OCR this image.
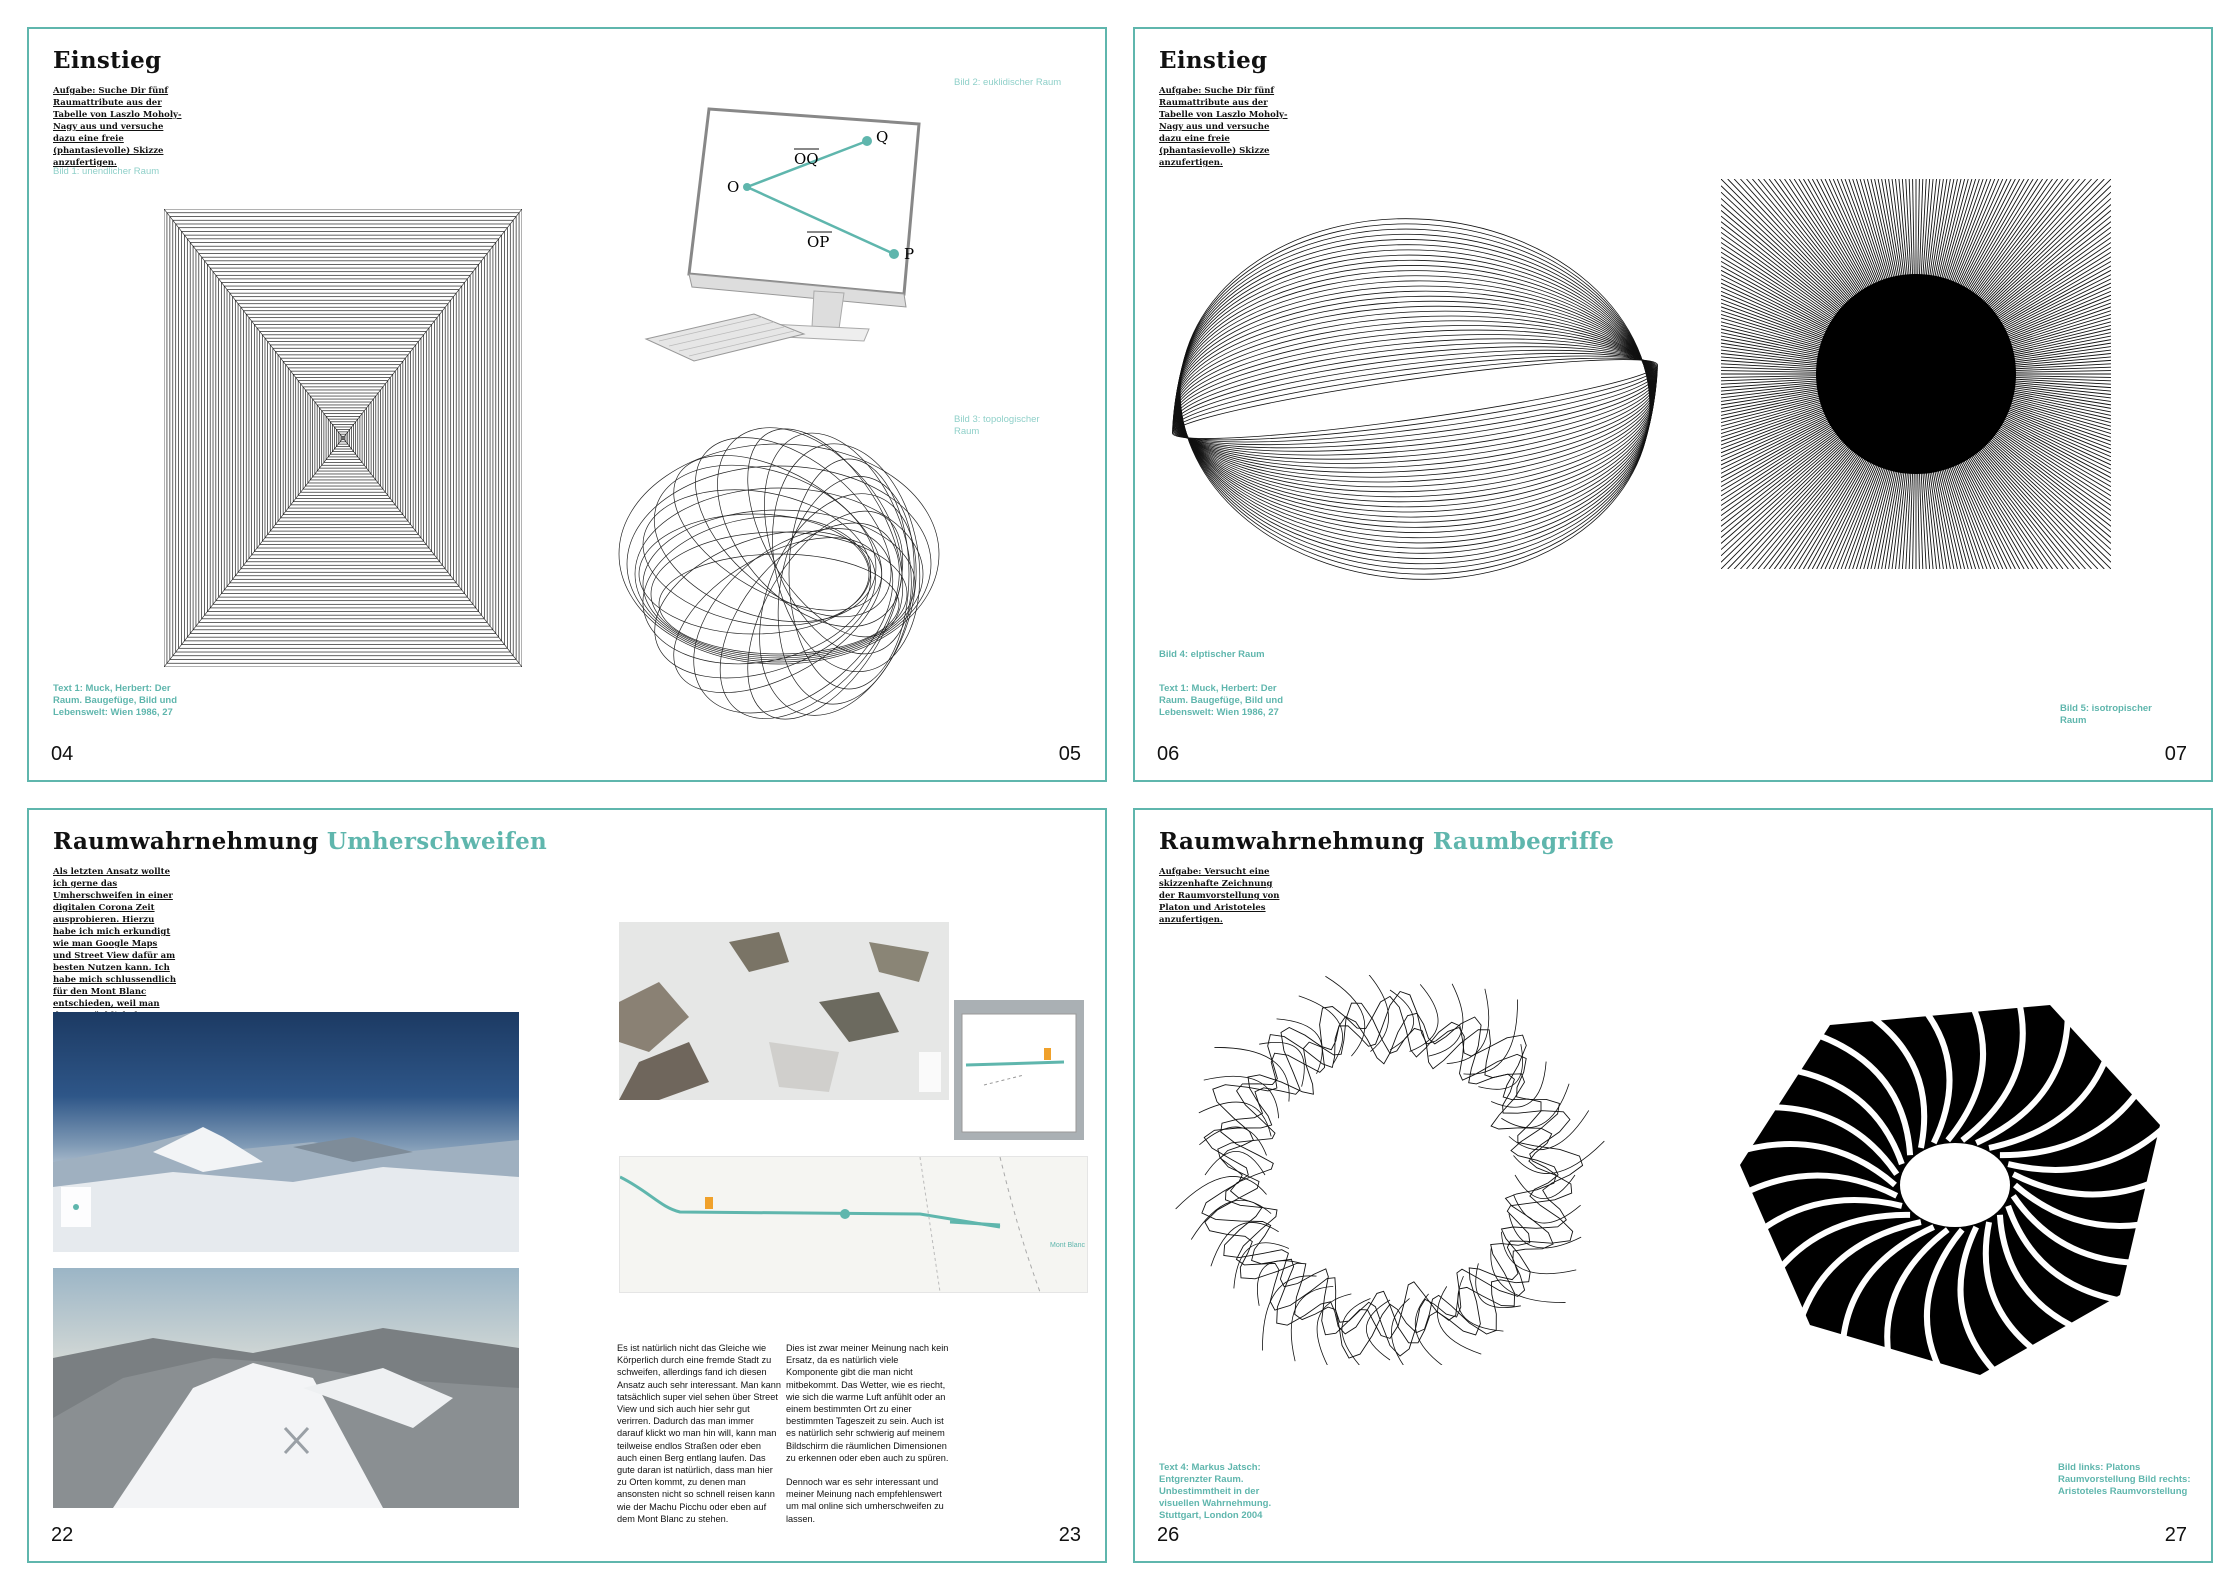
Einstieg
Aufgabe: Suche Dir fünf Raumattribute aus der Tabelle von Laszlo Moholy-Nagy aus und versuche dazu eine freie (phantasievolle) Skizze anzufertigen.
Bild 1: unendlicher Raum
Text 1: Muck, Herbert: Der Raum. Baugefüge, Bild und Lebenswelt: Wien 1986, 27
O
Q
P
OQ
OP
Bild 2: euklidischer Raum
Bild 3: topologischer Raum
04	05
Einstieg
Aufgabe: Suche Dir fünf Raumattribute aus der Tabelle von Laszlo Moholy-Nagy aus und versuche dazu eine freie (phantasievolle) Skizze anzufertigen.
Bild 4: elptischer Raum
Text 1: Muck, Herbert: Der Raum. Baugefüge, Bild und Lebenswelt: Wien 1986, 27	Bild 5: isotropischer Raum
06	07
Raumwahrnehmung Umherschweifen
Als letzten Ansatz wollte ich gerne das Umherschweifen in einer digitalen Corona Zeit ausprobieren. Hierzu habe ich mich erkundigt wie man Google Maps und Street View dafür am besten Nutzen kann. Ich habe mich schlussendlich für den Mont Blanc entschieden, weil man
Mont Blanc

Es ist natürlich nicht das Gleiche wie Körperlich durch eine fremde Stadt zu schweifen, allerdings fand ich diesen Ansatz auch sehr interessant. Man kann tatsächlich super viel sehen über Street View und sich auch hier sehr gut verirren. Dadurch das man immer darauf klickt wo man hin will, kann man teilweise endlos Straßen oder eben auch einen Berg entlang laufen. Das gute daran ist natürlich, dass man hier zu Orten kommt, zu denen man ansonsten nicht so schnell reisen kann wie der Machu Picchu oder eben auf dem Mont Blanc zu stehen.

Dies ist zwar meiner Meinung nach kein Ersatz, da es natürlich viele Komponente gibt die man nicht mitbekommt. Das Wetter, wie es riecht, wie sich die warme Luft anfühlt oder an einem bestimmten Ort zu einer bestimmten Tageszeit zu sein. Auch ist es natürlich sehr schwierig auf meinem Bildschirm die räumlichen Dimensionen zu erkennen oder eben auch zu spüren.

Dennoch war es sehr interessant und meiner Meinung nach empfehlenswert um mal online sich umherschweifen zu lassen.

22	23
Raumwahrnehmung Raumbegriffe
Aufgabe: Versucht eine skizzenhafte Zeichnung der Raumvorstellung von Platon und Aristoteles anzufertigen.
Text 4: Markus Jatsch: Entgrenzter Raum. Unbestimmtheit in der visuellen Wahrnehmung. Stuttgart, London 2004
Bild links: Platons Raumvorstellung Bild rechts: Aristoteles Raumvorstellung
26	27
